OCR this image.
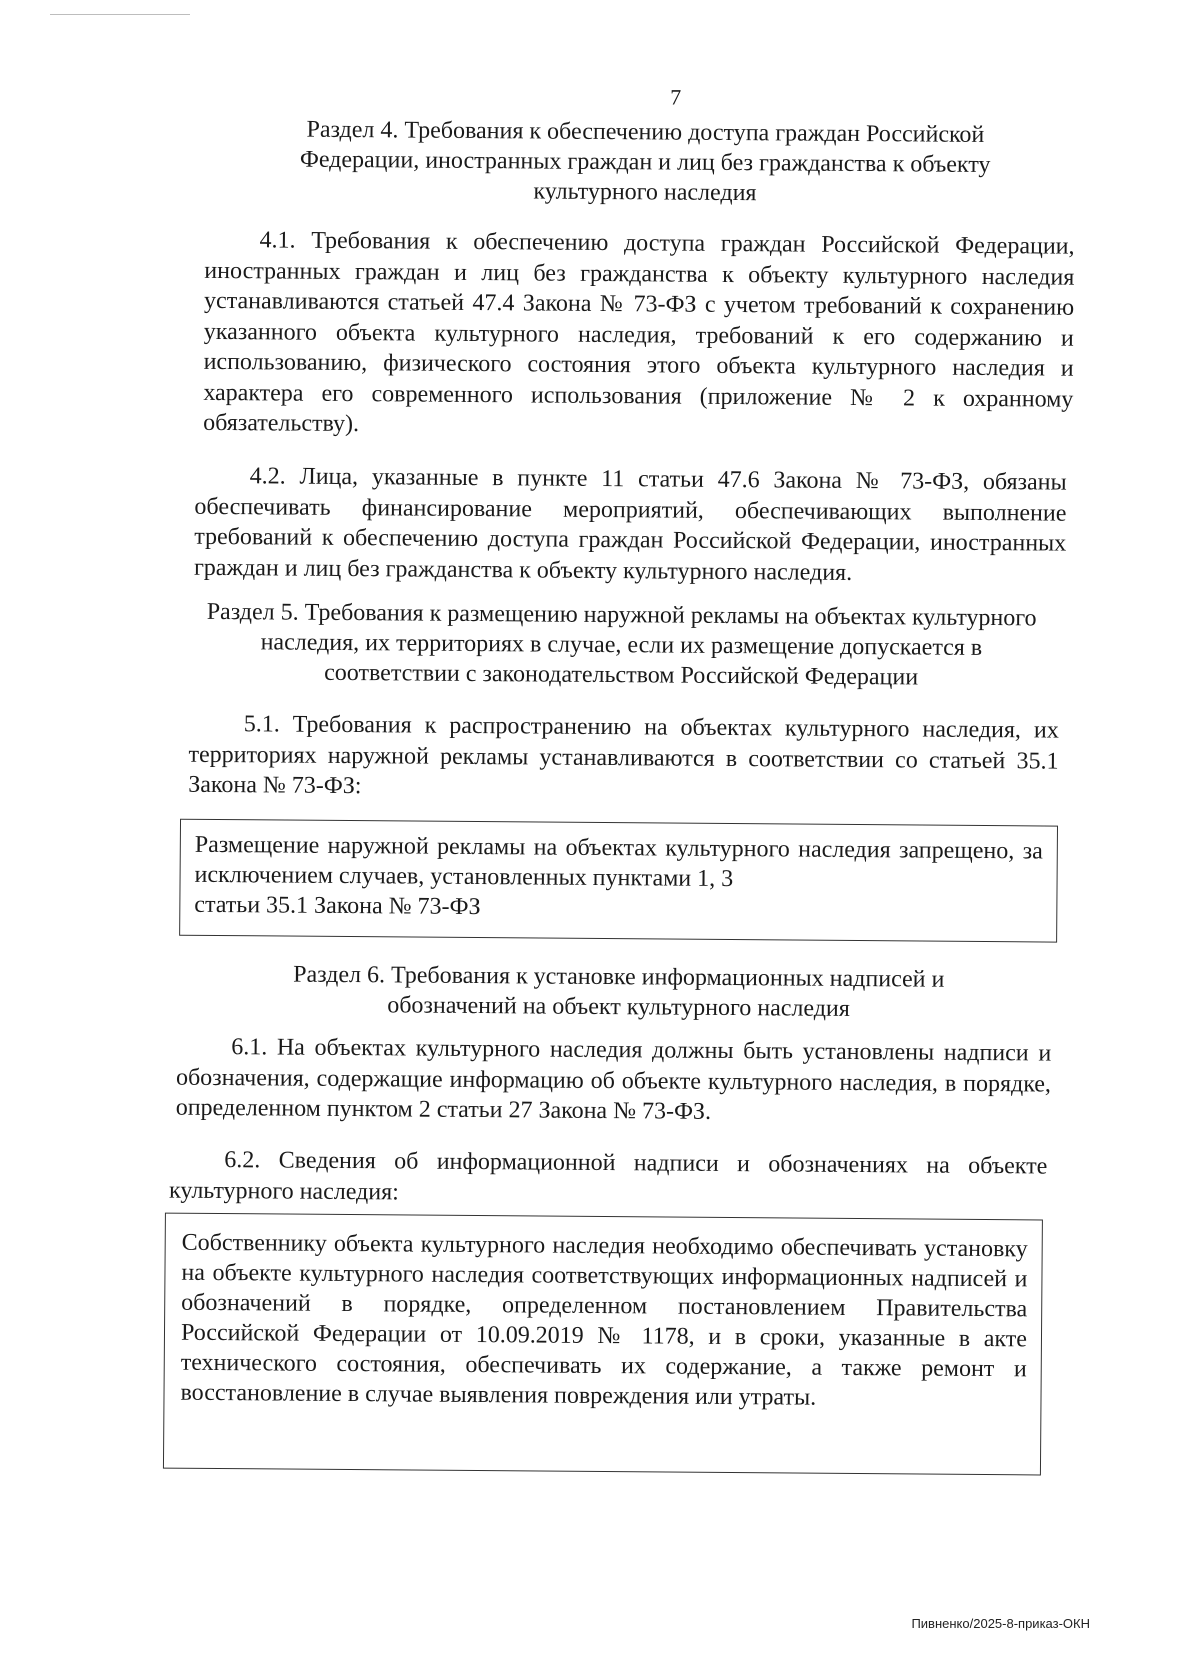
7
Раздел 4. Требования к обеспечению доступа граждан Российской Федерации, иностранных граждан и лиц без гражданства к объекту культурного наследия
4.1. Требования к обеспечению доступа граждан Российской Федерации, иностранных граждан и лиц без гражданства к объекту культурного наследия устанавливаются статьей 47.4 Закона № 73-ФЗ с учетом требований к сохранению указанного объекта культурного наследия, требований к его содержанию и использованию, физического состояния этого объекта культурного наследия и характера его современного использования (приложение № 2 к охранному обязательству).
4.2. Лица, указанные в пункте 11 статьи 47.6 Закона № 73-ФЗ, обязаны обеспечивать финансирование мероприятий, обеспечивающих выполнение требований к обеспечению доступа граждан Российской Федерации, иностранных граждан и лиц без гражданства к объекту культурного наследия.
Раздел 5. Требования к размещению наружной рекламы на объектах культурного наследия, их территориях в случае, если их размещение допускается в соответствии с законодательством Российской Федерации
5.1. Требования к распространению на объектах культурного наследия, их территориях наружной рекламы устанавливаются в соответствии со статьей 35.1 Закона № 73-ФЗ:

Размещение наружной рекламы на объектах культурного наследия запрещено, за исключением случаев, установленных пунктами 1, 3

статьи 35.1 Закона № 73-ФЗ

Раздел 6. Требования к установке информационных надписей и обозначений на объект культурного наследия
6.1. На объектах культурного наследия должны быть установлены надписи и обозначения, содержащие информацию об объекте культурного наследия, в порядке, определенном пунктом 2 статьи 27 Закона № 73-ФЗ.
6.2. Сведения об информационной надписи и обозначениях на объекте культурного наследия:

Собственнику объекта культурного наследия необходимо обеспечивать установку на объекте культурного наследия соответствующих информационных надписей и обозначений в порядке, определенном постановлением Правительства Российской Федерации от 10.09.2019 № 1178, и в сроки, указанные в акте технического состояния, обеспечивать их содержание, а также ремонт и восстановление в случае выявления повреждения или утраты.

Пивненко/2025-8-приказ-ОКН
